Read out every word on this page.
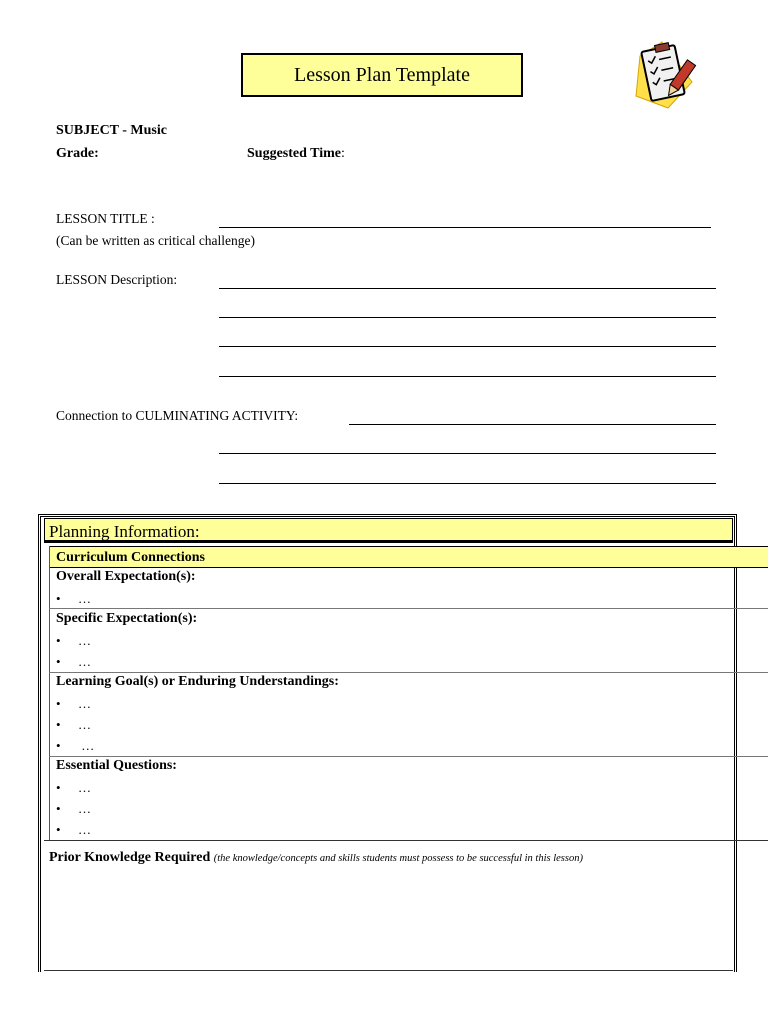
Lesson Plan Template
SUBJECT - Music
Grade:	Suggested Time:
LESSON TITLE :
(Can be written as critical challenge)
LESSON Description:
Connection to CULMINATING ACTIVITY:
Planning Information:
Curriculum Connections
Overall Expectation(s):
• …
Specific Expectation(s):
• …
• …
Learning Goal(s) or Enduring Understandings:
• …
• …
• …
Essential Questions:
• …
• …
• …
Prior Knowledge Required (the knowledge/concepts and skills students must possess to be successful in this lesson)
